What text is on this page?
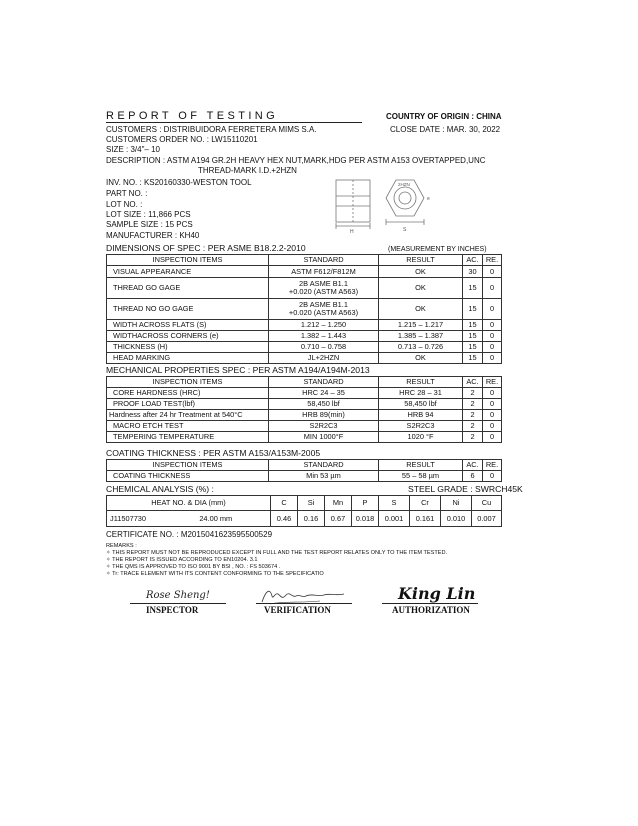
REPORT OF TESTING	COUNTRY OF ORIGIN : CHINA
CUSTOMERS : DISTRIBUIDORA FERRETERA MIMS S.A.	CLOSE DATE : MAR. 30, 2022
CUSTOMERS ORDER NO. : LW15110201
SIZE : 3/4"– 10
DESCRIPTION : ASTM A194 GR.2H HEAVY HEX NUT,MARK,HDG PER ASTM A153 OVERTAPPED,UNC
THREAD-MARK I.D.+2HZN
INV. NO. : KS20160330-WESTON TOOL
PART NO. :
LOT NO. :
LOT SIZE : 11,866 PCS
SAMPLE SIZE : 15 PCS
MANUFACTURER : KH40	H
2HZN
e
S
DIMENSIONS OF SPEC : PER ASME B18.2.2-2010	(MEASUREMENT BY INCHES)
INSPECTION ITEMS	STANDARD	RESULT	AC.	RE.
VISUAL APPEARANCE	ASTM F612/F812M	OK	30	0
THREAD GO GAGE	2B ASME B1.1
+0.020 (ASTM A563)	OK	15	0
THREAD NO GO GAGE	2B ASME B1.1
+0.020 (ASTM A563)	OK	15	0
WIDTH ACROSS FLATS (S)	1.212 – 1.250	1.215 – 1.217	15	0
WIDTHACROSS CORNERS (e)	1.382 – 1.443	1.385 – 1.387	15	0
THICKNESS (H)	0.710 – 0.758	0.713 – 0.726	15	0
HEAD MARKING	JL+2HZN	OK	15	0
MECHANICAL PROPERTIES SPEC : PER ASTM A194/A194M-2013
INSPECTION ITEMS	STANDARD	RESULT	AC.	RE.
CORE HARDNESS (HRC)	HRC 24 – 35	HRC 28 – 31	2	0
PROOF LOAD TEST(lbf)	58,450 lbf	58,450 lbf	2	0
Hardness after 24 hr Treatment at 540°C	HRB 89(min)	HRB 94	2	0
MACRO ETCH TEST	S2R2C3	S2R2C3	2	0
TEMPERING TEMPERATURE	MIN 1000°F	1020 °F	2	0
COATING THICKNESS : PER ASTM A153/A153M-2005
INSPECTION ITEMS	STANDARD	RESULT	AC.	RE.
COATING THICKNESS	Min 53 µm	55 – 58 µm	6	0
CHEMICAL ANALYSIS (%) :	STEEL GRADE : SWRCH45K
HEAT NO. & DIA (mm)		C	Si	Mn	P	S	Cr	Ni	Cu
J11507730	24.00 mm	0.46	0.16	0.67	0.018	0.001	0.161	0.010	0.007
CERTIFICATE NO. : M2015041623595500529
REMARKS :
✧ THIS REPORT MUST NOT BE REPRODUCED EXCEPT IN FULL AND THE TEST REPORT RELATES ONLY TO THE ITEM TESTED.
✧ THE REPORT IS ISSUED ACCORDING TO EN10204. 3.1
✧ THE QMS IS APPROVED TO ISO 9001 BY BSI , NO. : FS 503674 .
✧ Tr: TRACE ELEMENT WITH ITS CONTENT CONFORMING TO THE SPECIFICATIO
Rose Sheng!
INSPECTOR	VERIFICATION
King Lin
AUTHORIZATION
